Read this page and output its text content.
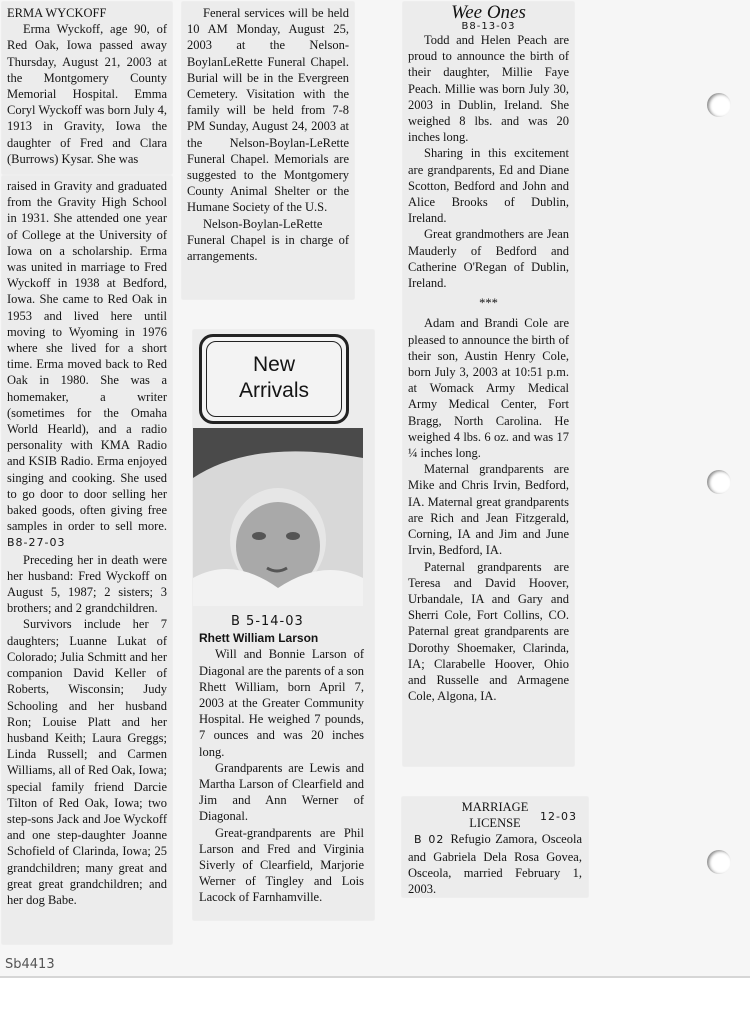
ERMA WYCKOFF

Erma Wyckoff, age 90, of Red Oak, Iowa passed away Thursday, August 21, 2003 at the Montgomery County Memorial Hospital. Emma Coryl Wyckoff was born July 4, 1913 in Gravity, Iowa the daughter of Fred and Clara (Burrows) Kysar. She was

raised in Gravity and graduated from the Gravity High School in 1931. She attended one year of College at the University of Iowa on a scholarship. Erma was united in marriage to Fred Wyckoff in 1938 at Bedford, Iowa. She came to Red Oak in 1953 and lived here until moving to Wyoming in 1976 where she lived for a short time. Erma moved back to Red Oak in 1980. She was a homemaker, a writer (sometimes for the Omaha World Hearld), and a radio personality with KMA Radio and KSIB Radio. Erma enjoyed singing and cooking. She used to go door to door selling her baked goods, often giving free samples in order to sell more. B8-27-03

Preceding her in death were her husband: Fred Wyckoff on August 5, 1987; 2 sisters; 3 brothers; and 2 grandchildren.

Survivors include her 7 daughters; Luanne Lukat of Colorado; Julia Schmitt and her companion David Keller of Roberts, Wisconsin; Judy Schooling and her husband Ron; Louise Platt and her husband Keith; Laura Greggs; Linda Russell; and Carmen Williams, all of Red Oak, Iowa; special family friend Darcie Tilton of Red Oak, Iowa; two step-sons Jack and Joe Wyckoff and one step-daughter Joanne Schofield of Clarinda, Iowa; 25 grandchildren; many great and great great grandchildren; and her dog Babe.

Feneral services will be held 10 AM Monday, August 25, 2003 at the Nelson-BoylanLeRette Funeral Chapel. Burial will be in the Evergreen Cemetery. Visitation with the family will be held from 7-8 PM Sunday, August 24, 2003 at the Nelson-Boylan-LeRette Funeral Chapel. Memorials are suggested to the Montgomery County Animal Shelter or the Humane Society of the U.S.

Nelson-Boylan-LeRette Funeral Chapel is in charge of arrangements.

New
Arrivals
B 5-14-03
Rhett William Larson

Will and Bonnie Larson of Diagonal are the parents of a son Rhett William, born April 7, 2003 at the Greater Community Hospital. He weighed 7 pounds, 7 ounces and was 20 inches long.

Grandparents are Lewis and Martha Larson of Clearfield and Jim and Ann Werner of Diagonal.

Great-grandparents are Phil Larson and Fred and Virginia Siverly of Clearfield, Marjorie Werner of Tingley and Lois Lacock of Farnhamville.

Wee Ones
B8-13-03

Todd and Helen Peach are proud to announce the birth of their daughter, Millie Faye Peach. Millie was born July 30, 2003 in Dublin, Ireland. She weighed 8 lbs. and was 20 inches long.

Sharing in this excitement are grandparents, Ed and Diane Scotton, Bedford and John and Alice Brooks of Dublin, Ireland.

Great grandmothers are Jean Mauderly of Bedford and Catherine O'Regan of Dublin, Ireland.

***

Adam and Brandi Cole are pleased to announce the birth of their son, Austin Henry Cole, born July 3, 2003 at 10:51 p.m. at Womack Army Medical Army Medical Center, Fort Bragg, North Carolina. He weighed 4 lbs. 6 oz. and was 17 ¼ inches long.

Maternal grandparents are Mike and Chris Irvin, Bedford, IA. Maternal great grandparents are Rich and Jean Fitzgerald, Corning, IA and Jim and June Irvin, Bedford, IA.

Paternal grandparents are Teresa and David Hoover, Urbandale, IA and Gary and Sherri Cole, Fort Collins, CO. Paternal great grandparents are Dorothy Shoemaker, Clarinda, IA; Clarabelle Hoover, Ohio and Russelle and Armagene Cole, Algona, IA.

MARRIAGE
LICENSE 12-03

B 02 Refugio Zamora, Osceola and Gabriela Dela Rosa Govea, Osceola, married February 1, 2003.

Sb4413
